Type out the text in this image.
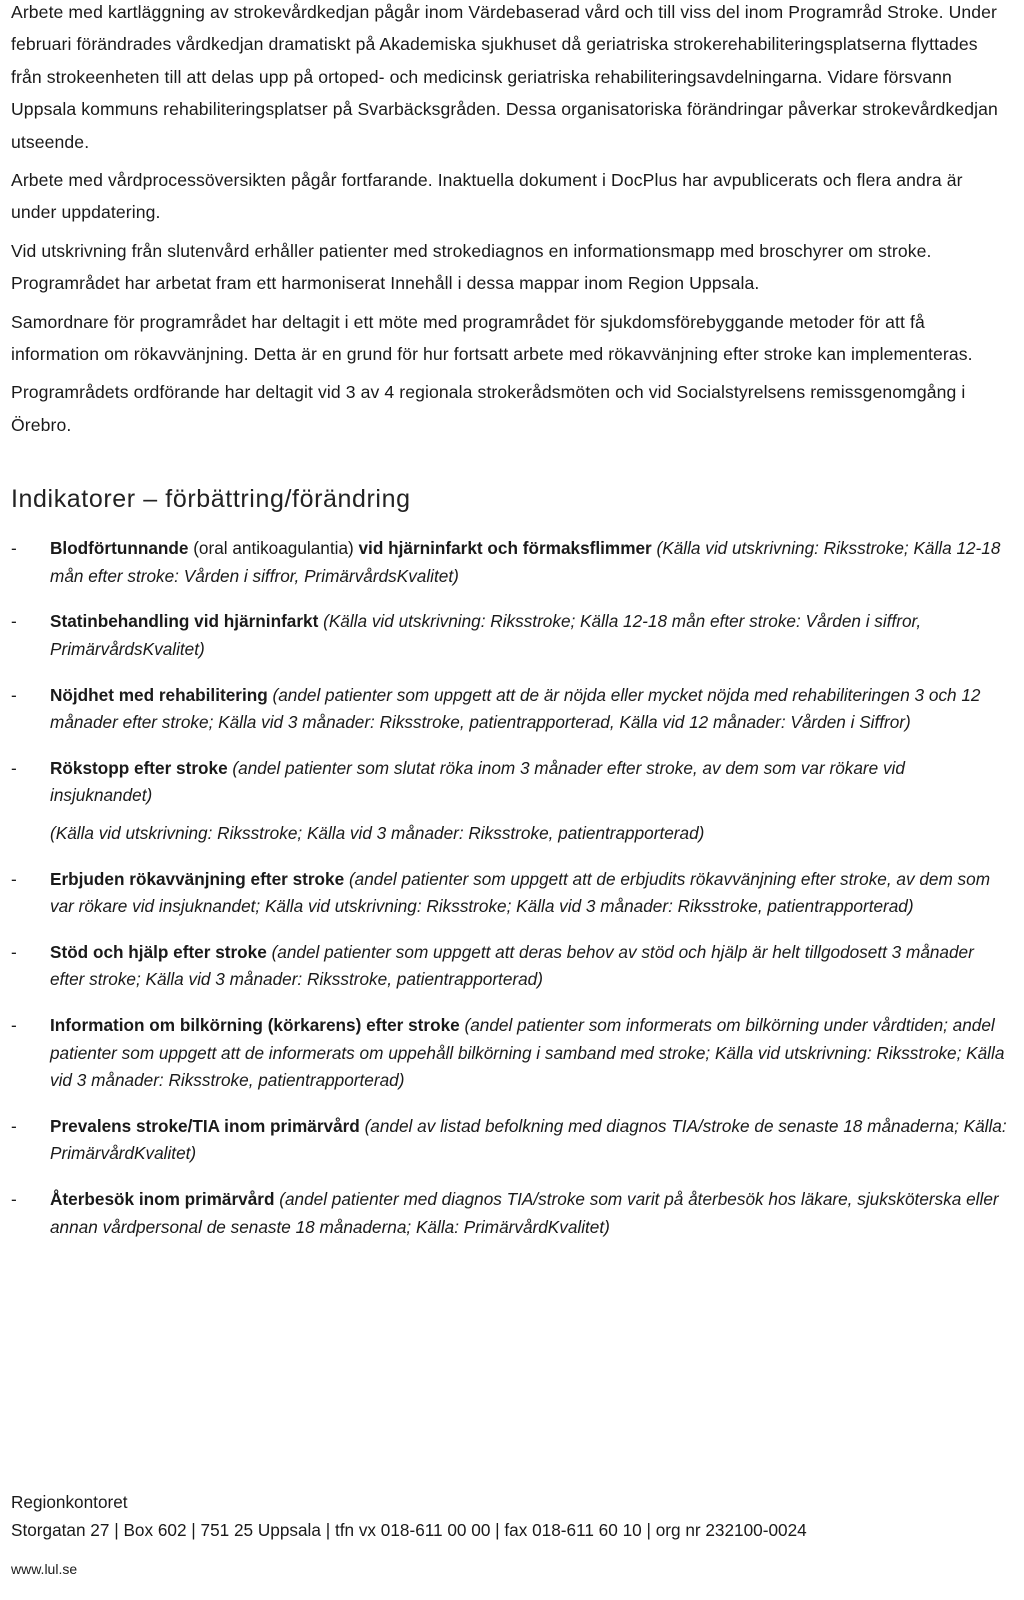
Arbete med kartläggning av strokevårdkedjan pågår inom Värdebaserad vård och till viss del inom Programråd Stroke. Under februari förändrades vårdkedjan dramatiskt på Akademiska sjukhuset då geriatriska strokerehabiliteringsplatserna flyttades från strokeenheten till att delas upp på ortoped- och medicinsk geriatriska rehabiliteringsavdelningarna. Vidare försvann Uppsala kommuns rehabiliteringsplatser på Svarbäcksgråden. Dessa organisatoriska förändringar påverkar strokevårdkedjan utseende.

Arbete med vårdprocessöversikten pågår fortfarande. Inaktuella dokument i DocPlus har avpublicerats och flera andra är under uppdatering.

Vid utskrivning från slutenvård erhåller patienter med strokediagnos en informationsmapp med broschyrer om stroke. Programrådet har arbetat fram ett harmoniserat Innehåll i dessa mappar inom Region Uppsala.

Samordnare för programrådet har deltagit i ett möte med programrådet för sjukdomsförebyggande metoder för att få information om rökavvänjning. Detta är en grund för hur fortsatt arbete med rökavvänjning efter stroke kan implementeras.

Programrådets ordförande har deltagit vid 3 av 4 regionala strokerådsmöten och vid Socialstyrelsens remissgenomgång i Örebro.

Indikatorer – förbättring/förändring
- Blodförtunnande (oral antikoagulantia) vid hjärninfarkt och förmaksflimmer (Källa vid utskrivning: Riksstroke; Källa 12-18 mån efter stroke: Vården i siffror, PrimärvårdsKvalitet)
- Statinbehandling vid hjärninfarkt (Källa vid utskrivning: Riksstroke; Källa 12-18 mån efter stroke: Vården i siffror, PrimärvårdsKvalitet)
- Nöjdhet med rehabilitering (andel patienter som uppgett att de är nöjda eller mycket nöjda med rehabiliteringen 3 och 12 månader efter stroke; Källa vid 3 månader: Riksstroke, patientrapporterad, Källa vid 12 månader: Vården i Siffror)
- Rökstopp efter stroke (andel patienter som slutat röka inom 3 månader efter stroke, av dem som var rökare vid insjuknandet)
(Källa vid utskrivning: Riksstroke; Källa vid 3 månader: Riksstroke, patientrapporterad)
- Erbjuden rökavvänjning efter stroke (andel patienter som uppgett att de erbjudits rökavvänjning efter stroke, av dem som var rökare vid insjuknandet; Källa vid utskrivning: Riksstroke; Källa vid 3 månader: Riksstroke, patientrapporterad)
- Stöd och hjälp efter stroke (andel patienter som uppgett att deras behov av stöd och hjälp är helt tillgodosett 3 månader efter stroke; Källa vid 3 månader: Riksstroke, patientrapporterad)
- Information om bilkörning (körkarens) efter stroke (andel patienter som informerats om bilkörning under vårdtiden; andel patienter som uppgett att de informerats om uppehåll bilkörning i samband med stroke; Källa vid utskrivning: Riksstroke; Källa vid 3 månader: Riksstroke, patientrapporterad)
- Prevalens stroke/TIA inom primärvård (andel av listad befolkning med diagnos TIA/stroke de senaste 18 månaderna; Källa: PrimärvårdKvalitet)
- Återbesök inom primärvård (andel patienter med diagnos TIA/stroke som varit på återbesök hos läkare, sjuksköterska eller annan vårdpersonal de senaste 18 månaderna; Källa: PrimärvårdKvalitet)
Regionkontoret
Storgatan 27 | Box 602 | 751 25 Uppsala | tfn vx 018-611 00 00 | fax 018-611 60 10 | org nr 232100-0024
www.lul.se
